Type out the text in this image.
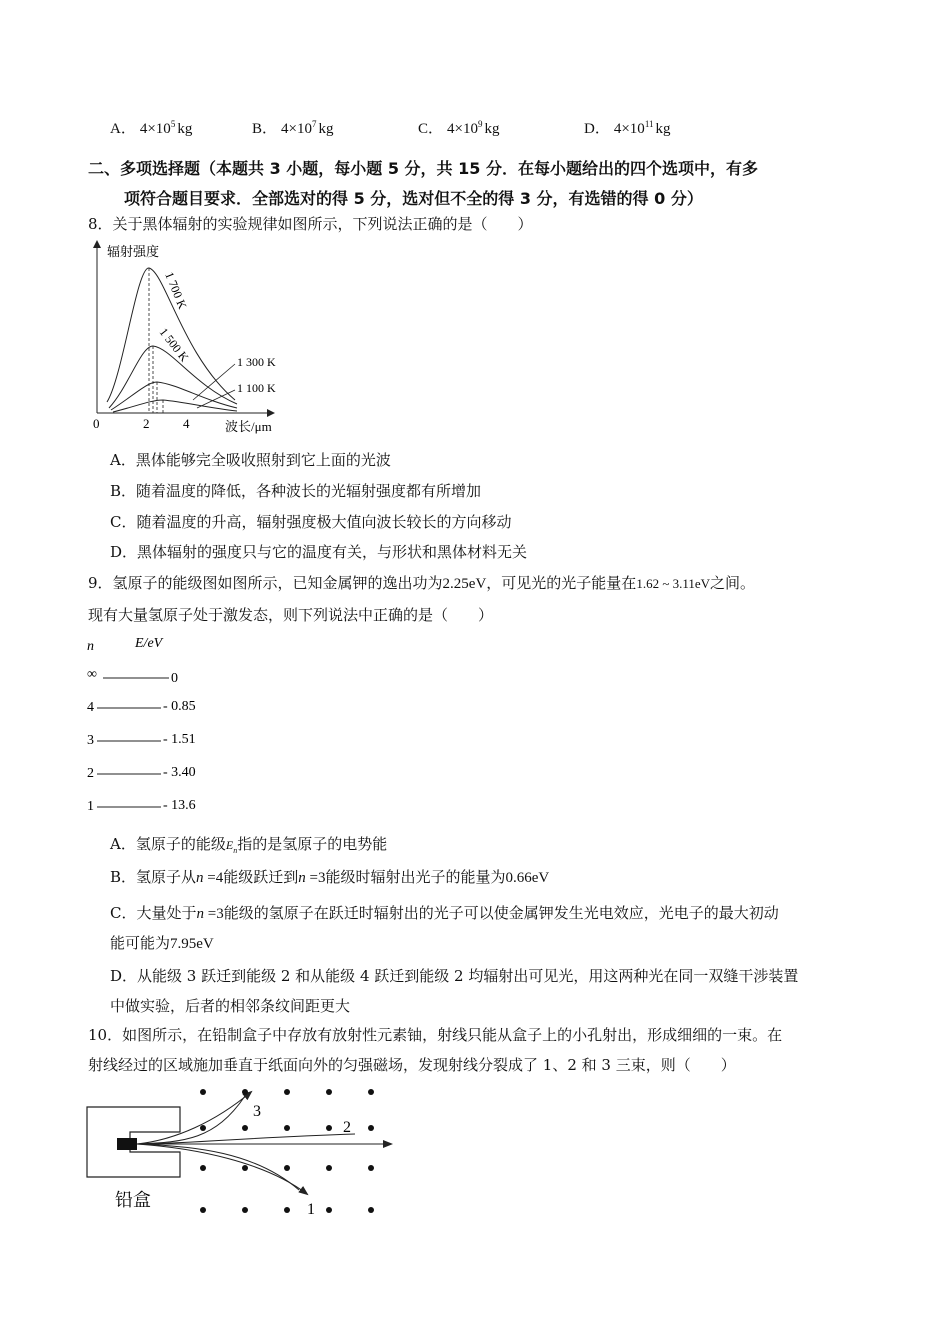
A． $4\times 10^5$ kg	B． $4\times 10^7$ kg	C． $4\times 10^9$ kg	D． $4\times 10^{11}$ kg
二、多项选择题（本题共 3 小题，每小题 5 分，共 15 分．在每小题给出的四个选项中，有多
项符合题目要求．全部选对的得 5 分，选对但不全的得 3 分，有选错的得 0 分）
8．关于黑体辐射的实验规律如图所示，下列说法正确的是（　　）
辐射强度
波长/μm
0	2	4
1 700 K
1 500 K	1 300 K
1 100 K
A．黑体能够完全吸收照射到它上面的光波
B．随着温度的降低，各种波长的光辐射强度都有所增加
C．随着温度的升高，辐射强度极大值向波长较长的方向移动
D．黑体辐射的强度只与它的温度有关，与形状和黑体材料无关
9．氢原子的能级图如图所示，已知金属钾的逸出功为2.25eV，可见光的光子能量在1.62 ~ 3.11eV之间。
现有大量氢原子处于激发态，则下列说法中正确的是（　　）
n	E/eV
∞	0
4	- 0.85
3	- 1.51
2	- 3.40
1	- 13.6
A．氢原子的能级$E_n$指的是氢原子的电势能
B．氢原子从n =4能级跃迁到n =3能级时辐射出光子的能量为0.66eV
C．大量处于n =3能级的氢原子在跃迁时辐射出的光子可以使金属钾发生光电效应，光电子的最大初动
能可能为7.95eV
D．从能级 3 跃迁到能级 2 和从能级 4 跃迁到能级 2 均辐射出可见光，用这两种光在同一双缝干涉装置
中做实验，后者的相邻条纹间距更大
10．如图所示，在铅制盒子中存放有放射性元素铀，射线只能从盒子上的小孔射出，形成细细的一束。在
射线经过的区域施加垂直于纸面向外的匀强磁场，发现射线分裂成了 1、2 和 3 三束，则（　　）
铅盒
3
2
1
